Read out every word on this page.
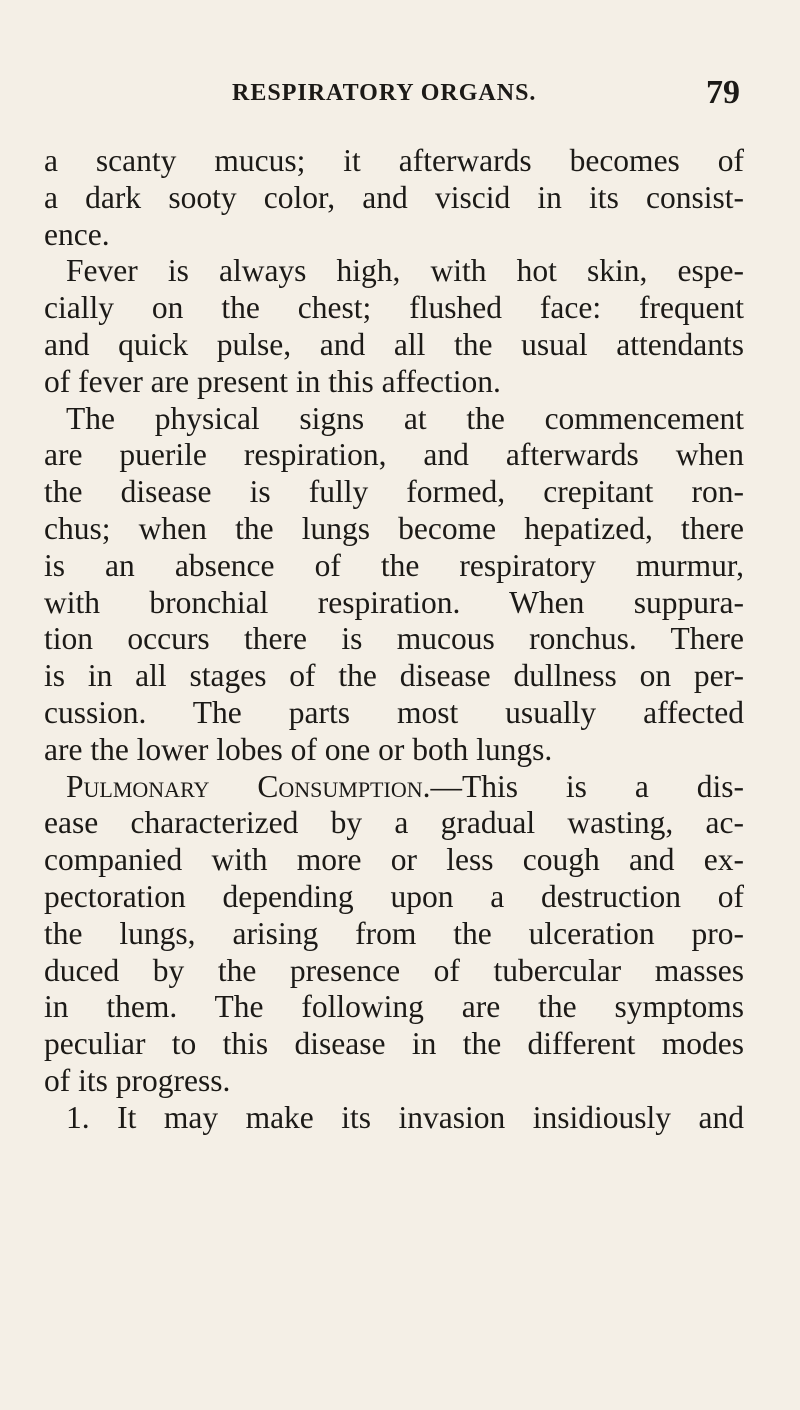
RESPIRATORY ORGANS.	79
a scanty mucus; it afterwards becomes of
a dark sooty color, and viscid in its consist-
ence.
Fever is always high, with hot skin, espe-
cially on the chest; flushed face: frequent
and quick pulse, and all the usual attendants
of fever are present in this affection.
The physical signs at the commencement
are puerile respiration, and afterwards when
the disease is fully formed, crepitant ron-
chus; when the lungs become hepatized, there
is an absence of the respiratory murmur,
with bronchial respiration. When suppura-
tion occurs there is mucous ronchus. There
is in all stages of the disease dullness on per-
cussion. The parts most usually affected
are the lower lobes of one or both lungs.
Pulmonary Consumption.—This is a dis-
ease characterized by a gradual wasting, ac-
companied with more or less cough and ex-
pectoration depending upon a destruction of
the lungs, arising from the ulceration pro-
duced by the presence of tubercular masses
in them. The following are the symptoms
peculiar to this disease in the different modes
of its progress.
1. It may make its invasion insidiously and
